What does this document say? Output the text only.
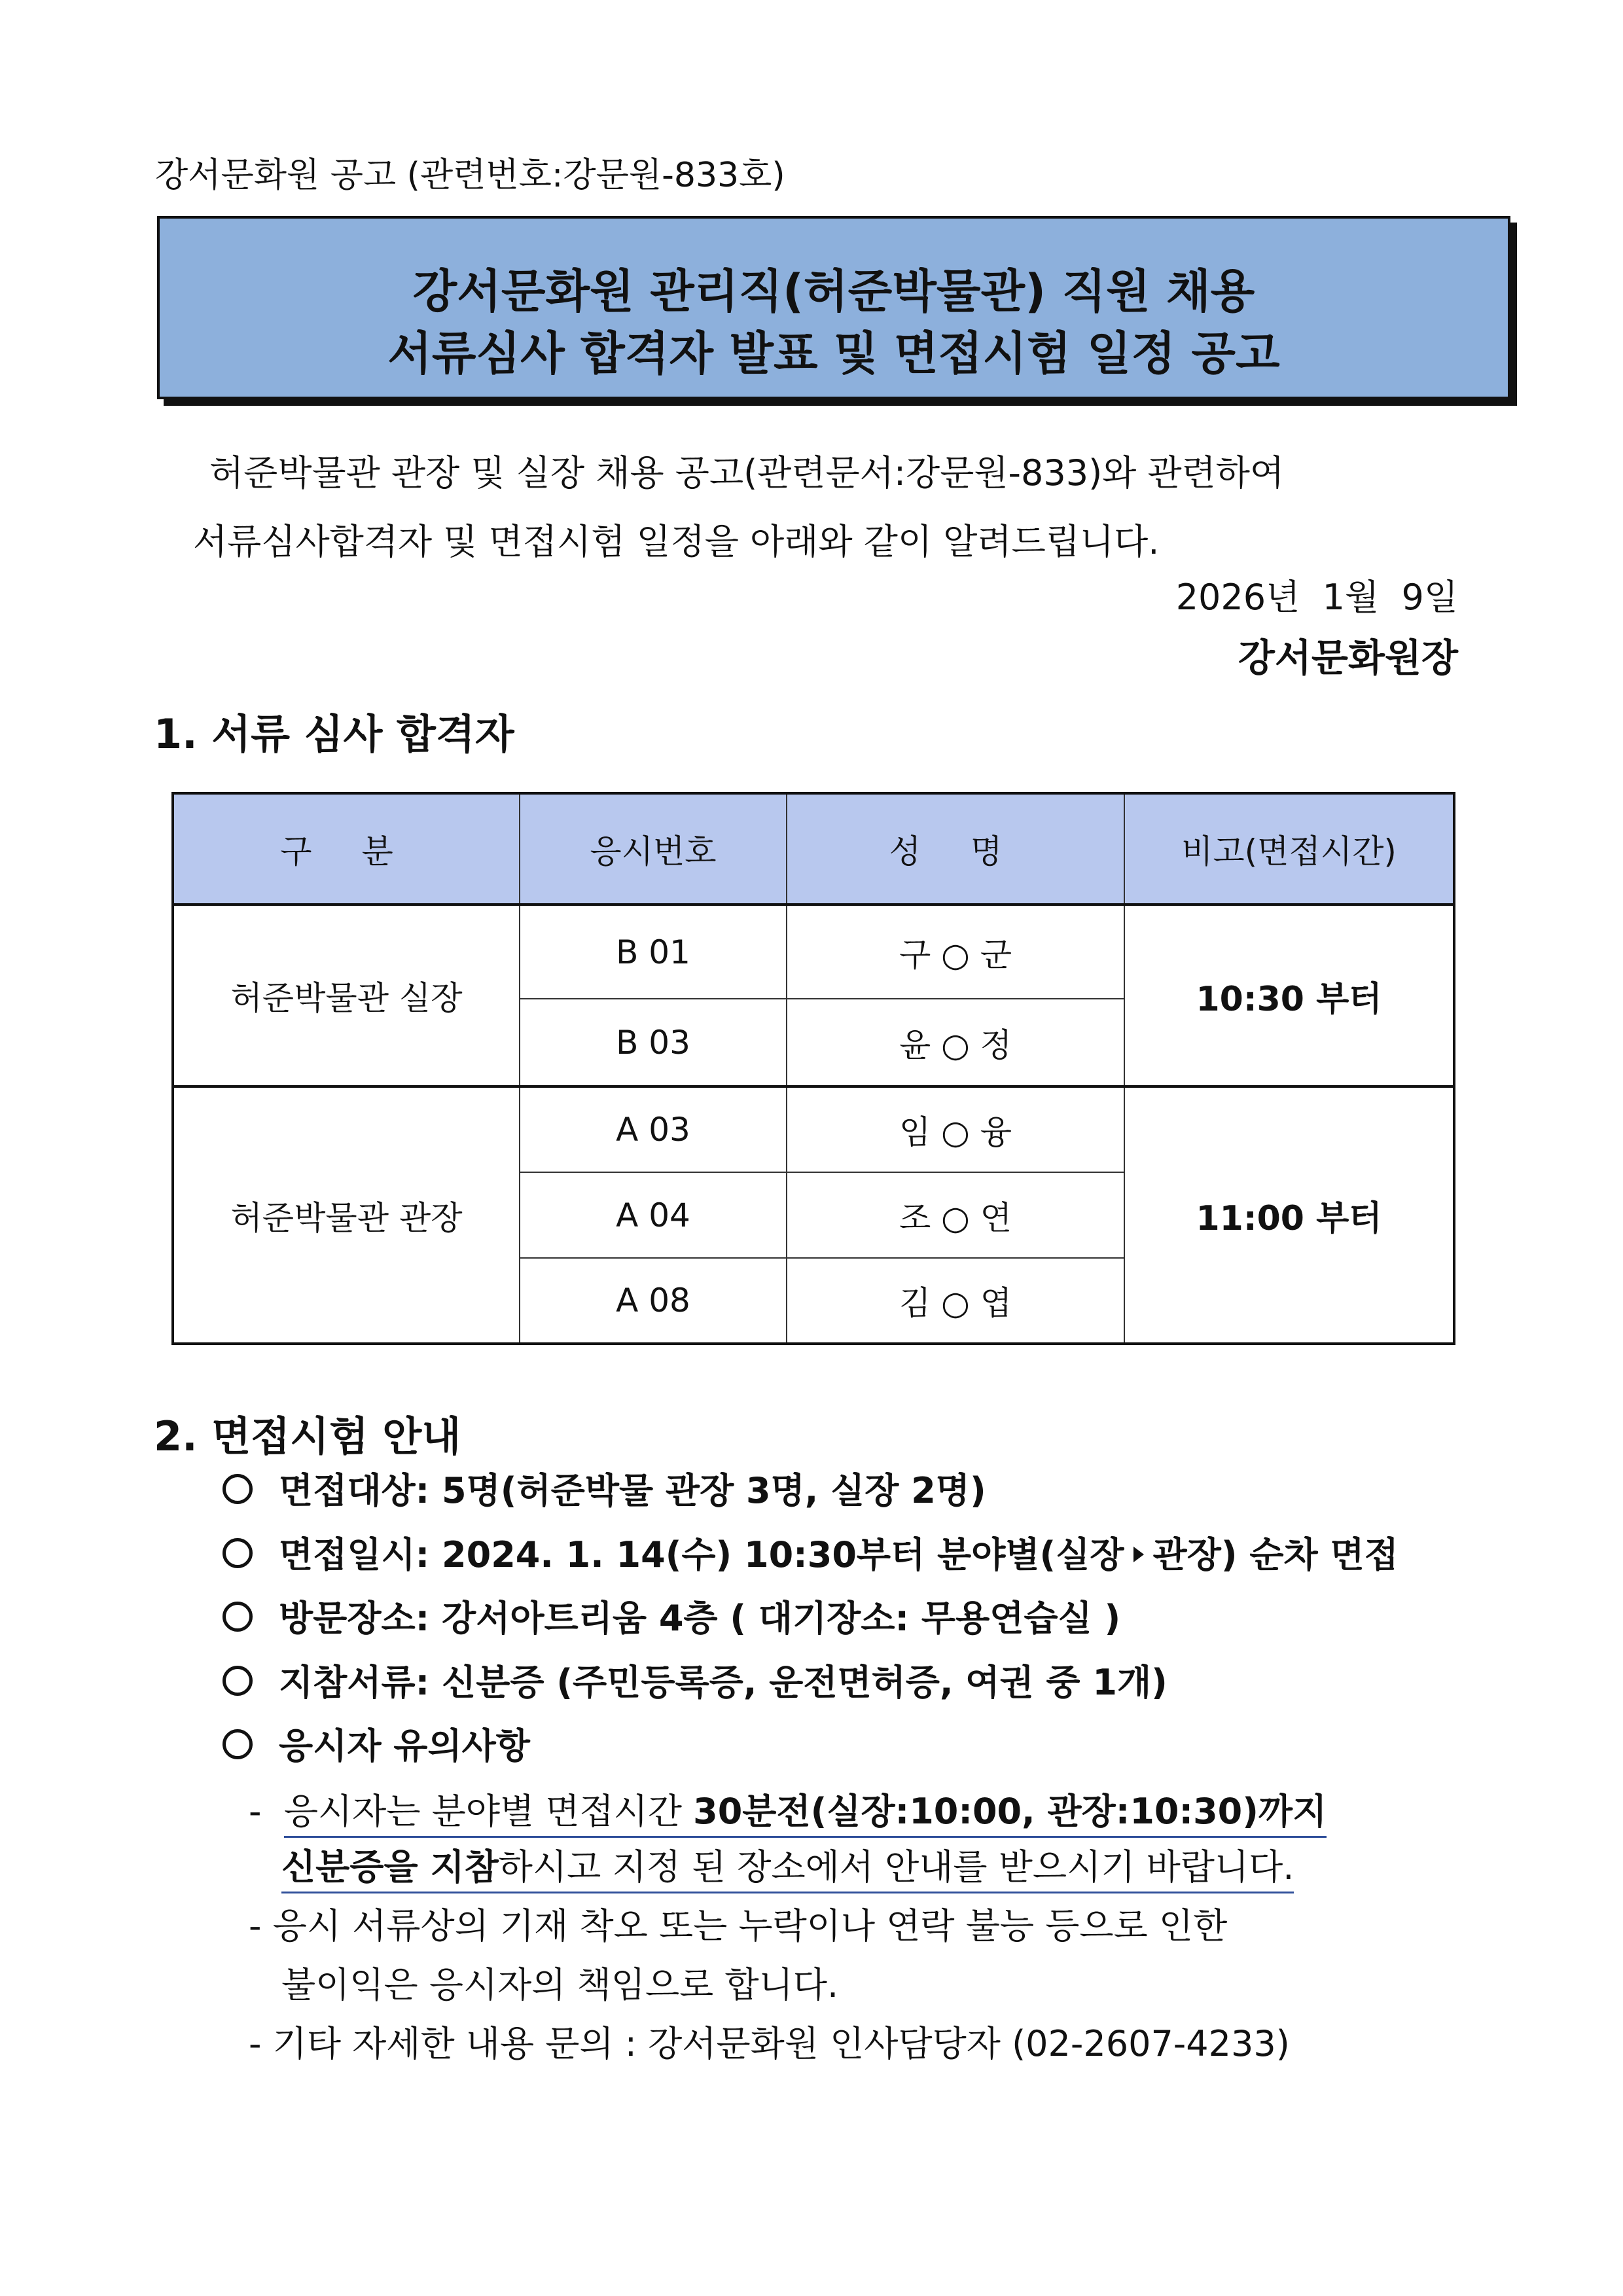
강서문화원 공고 (관련번호:강문원-833호)
강서문화원 관리직(허준박물관) 직원 채용
서류심사 합격자 발표 및 면접시험 일정 공고
허준박물관 관장 및 실장 채용 공고(관련문서:강문원-833)와 관련하여
서류심사합격자 및 면접시험 일정을 아래와 같이 알려드립니다.
2026년  1월  9일
강서문화원장
1. 서류 심사 합격자
구 분	응시번호	성 명	비고(면접시간)
허준박물관 실장	B 01	구 ○ 군	10:30 부터
	B 03	윤 ○ 정	
허준박물관 관장	A 03	임 ○ 융	11:00 부터
	A 04	조 ○ 연	
	A 08	김 ○ 엽	
2. 면접시험 안내
면접대상: 5명(허준박물 관장 3명, 실장 2명)
면접일시: 2024. 1. 14(수) 10:30부터 분야별(실장 관장) 순차 면접
방문장소: 강서아트리움 4층 ( 대기장소: 무용연습실 )
지참서류: 신분증 (주민등록증, 운전면허증, 여권 중 1개)
응시자 유의사항
- 응시자는 분야별 면접시간 30분전(실장:10:00, 관장:10:30)까지
신분증을 지참하시고 지정 된 장소에서 안내를 받으시기 바랍니다.
- 응시 서류상의 기재 착오 또는 누락이나 연락 불능 등으로 인한
불이익은 응시자의 책임으로 합니다.
- 기타 자세한 내용 문의 : 강서문화원 인사담당자 (02-2607-4233)
